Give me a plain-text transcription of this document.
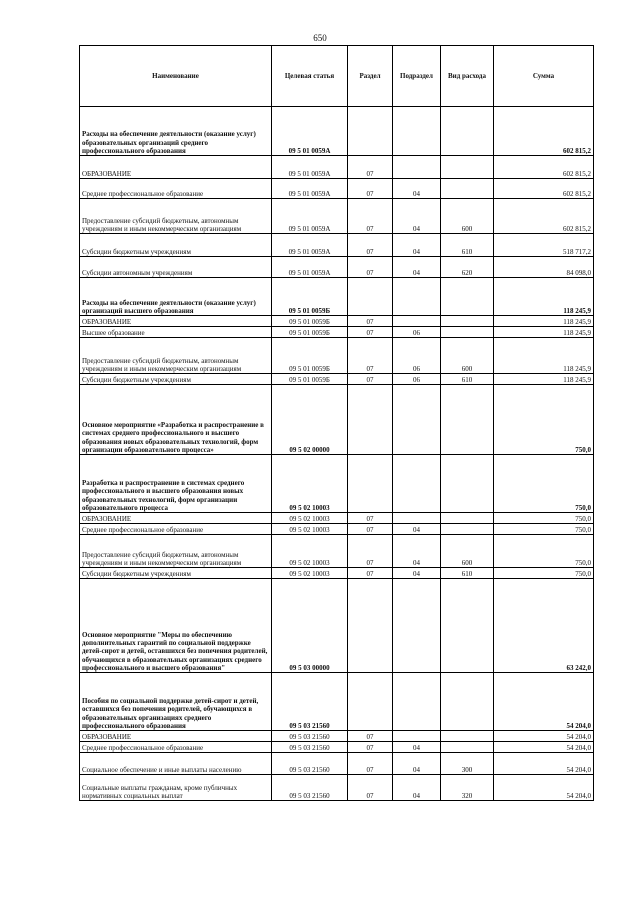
650
Наименование	Целевая статья	Раздел	Подраздел	Вид расхода	Сумма
Расходы на обеспечение деятельности (оказание услуг) образовательных организаций среднего профессионального образования	09 5 01 0059А				602 815,2
ОБРАЗОВАНИЕ	09 5 01 0059А	07			602 815,2
Среднее профессиональное образование	09 5 01 0059А	07	04		602 815,2
Предоставление субсидий бюджетным, автономным учреждениям и иным некоммерческим организациям	09 5 01 0059А	07	04	600	602 815,2
Субсидии бюджетным учреждениям	09 5 01 0059А	07	04	610	518 717,2
Субсидии автономным учреждениям	09 5 01 0059А	07	04	620	84 098,0
Расходы на обеспечение деятельности (оказание услуг) организаций высшего образования	09 5 01 0059Б				118 245,9
ОБРАЗОВАНИЕ	09 5 01 0059Б	07			118 245,9
Высшее образование	09 5 01 0059Б	07	06		118 245,9
Предоставление субсидий бюджетным, автономным учреждениям и иным некоммерческим организациям	09 5 01 0059Б	07	06	600	118 245,9
Субсидии бюджетным учреждениям	09 5 01 0059Б	07	06	610	118 245,9
Основное мероприятие «Разработка и распространение в системах среднего профессионального и высшего образования новых образовательных технологий, форм организации образовательного процесса»	09 5 02 00000				750,0
Разработка и распространение в системах среднего профессионального и высшего образования новых образовательных технологий, форм организации образовательного процесса	09 5 02 10003				750,0
ОБРАЗОВАНИЕ	09 5 02 10003	07			750,0
Среднее профессиональное образование	09 5 02 10003	07	04		750,0
Предоставление субсидий бюджетным, автономным учреждениям и иным некоммерческим организациям	09 5 02 10003	07	04	600	750,0
Субсидии бюджетным учреждениям	09 5 02 10003	07	04	610	750,0
Основное мероприятие "Меры по обеспечению дополнительных гарантий по социальной поддержке детей-сирот и детей, оставшихся без попечения родителей, обучающихся в образовательных организациях среднего профессионального и высшего образования"	09 5 03 00000				63 242,0
Пособия по социальной поддержке детей-сирот и детей, оставшихся без попечения родителей, обучающихся в образовательных организациях среднего профессионального образования	09 5 03 21560				54 204,0
ОБРАЗОВАНИЕ	09 5 03 21560	07			54 204,0
Среднее профессиональное образование	09 5 03 21560	07	04		54 204,0
Социальное обеспечение и иные выплаты населению	09 5 03 21560	07	04	300	54 204,0
Социальные выплаты гражданам, кроме публичных нормативных социальных выплат	09 5 03 21560	07	04	320	54 204,0
